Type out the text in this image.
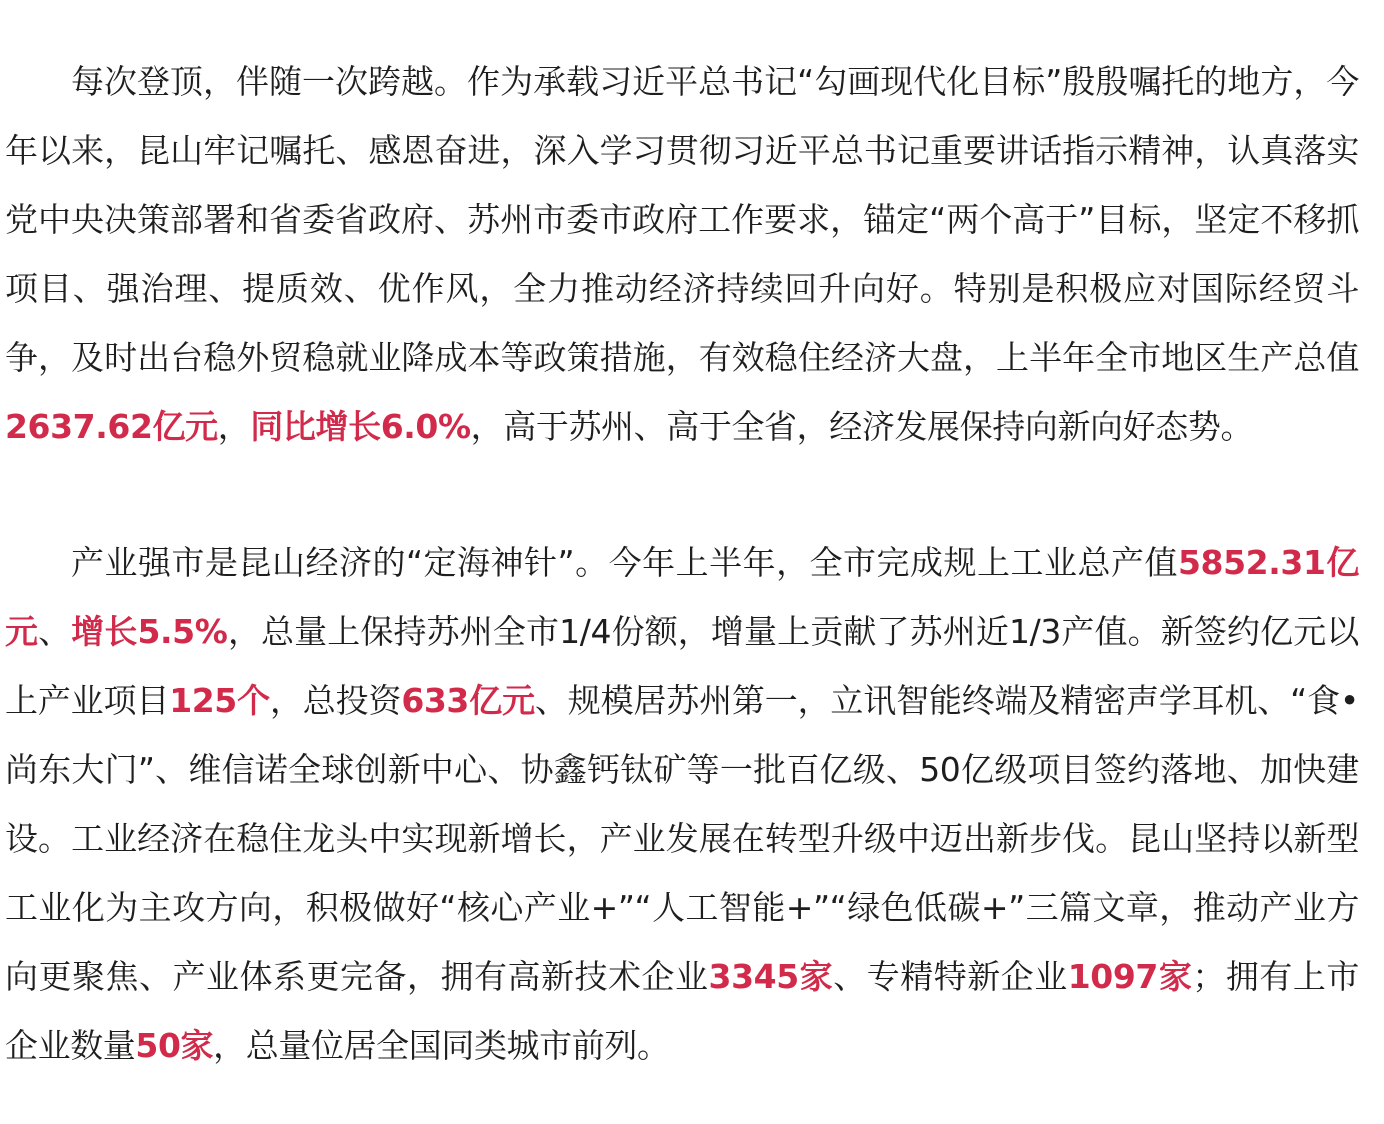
每次登顶，伴随一次跨越。作为承载习近平总书记“勾画现代化目标”殷殷嘱托的地方，今年以来，昆山牢记嘱托、感恩奋进，深入学习贯彻习近平总书记重要讲话指示精神，认真落实党中央决策部署和省委省政府、苏州市委市政府工作要求，锚定“两个高于”目标，坚定不移抓项目、强治理、提质效、优作风，全力推动经济持续回升向好。特别是积极应对国际经贸斗争，及时出台稳外贸稳就业降成本等政策措施，有效稳住经济大盘，上半年全市地区生产总值2637.62亿元，同比增长6.0%，高于苏州、高于全省，经济发展保持向新向好态势。

产业强市是昆山经济的“定海神针”。今年上半年，全市完成规上工业总产值5852.31亿元、增长5.5%，总量上保持苏州全市1/4份额，增量上贡献了苏州近1/3产值。新签约亿元以上产业项目125个，总投资633亿元、规模居苏州第一，立讯智能终端及精密声学耳机、“食•尚东大门”、维信诺全球创新中心、协鑫钙钛矿等一批百亿级、50亿级项目签约落地、加快建设。工业经济在稳住龙头中实现新增长，产业发展在转型升级中迈出新步伐。昆山坚持以新型工业化为主攻方向，积极做好“核心产业+”“人工智能+”“绿色低碳+”三篇文章，推动产业方向更聚焦、产业体系更完备，拥有高新技术企业3345家、专精特新企业1097家；拥有上市企业数量50家，总量位居全国同类城市前列。
